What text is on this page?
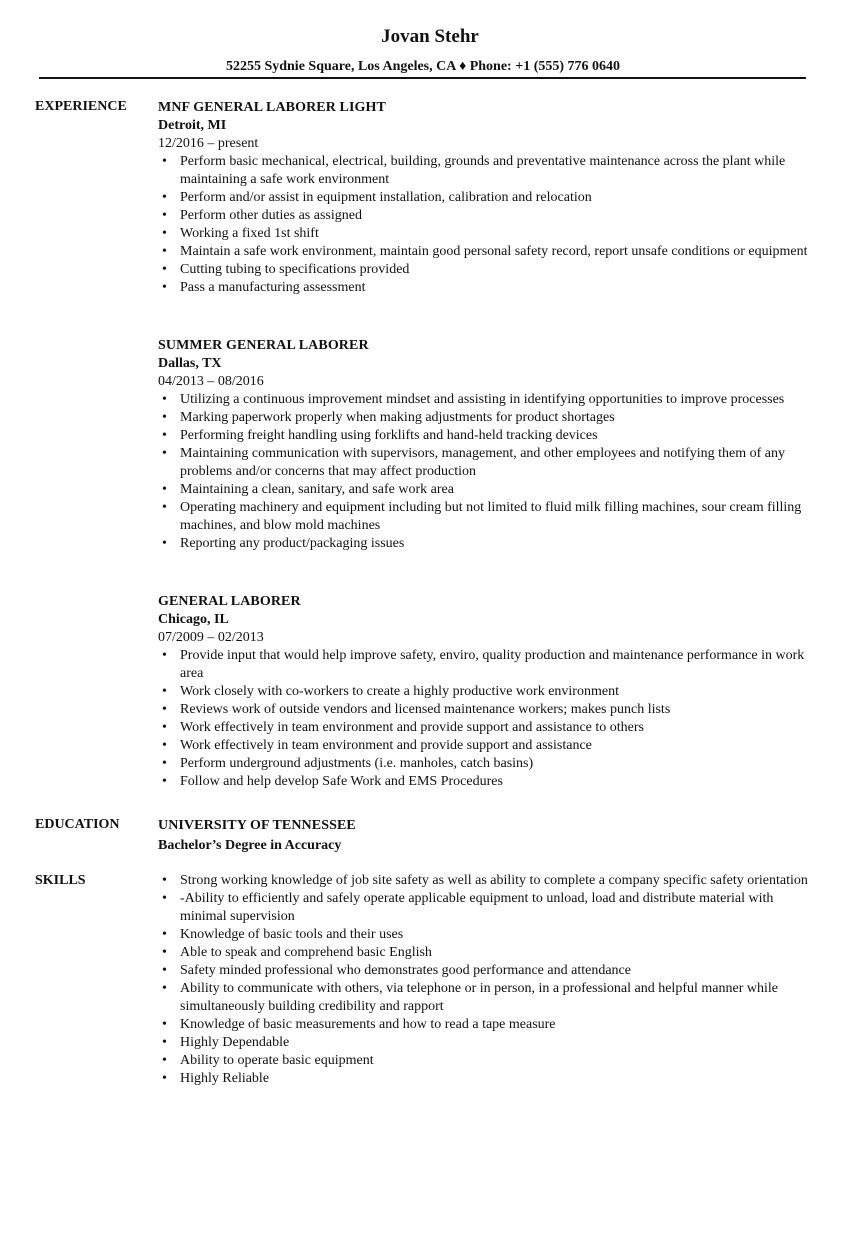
Jovan Stehr
52255 Sydnie Square, Los Angeles, CA ♦ Phone: +1 (555) 776 0640
EXPERIENCE MNF GENERAL LABORER LIGHT
Detroit, MI
12/2016 – present
• Perform basic mechanical, electrical, building, grounds and preventative maintenance across the plant while maintaining a safe work environment
• Perform and/or assist in equipment installation, calibration and relocation
• Perform other duties as assigned
• Working a fixed 1st shift
• Maintain a safe work environment, maintain good personal safety record, report unsafe conditions or equipment
• Cutting tubing to specifications provided
• Pass a manufacturing assessment
SUMMER GENERAL LABORER
Dallas, TX
04/2013 – 08/2016
• Utilizing a continuous improvement mindset and assisting in identifying opportunities to improve processes
• Marking paperwork properly when making adjustments for product shortages
• Performing freight handling using forklifts and hand-held tracking devices
• Maintaining communication with supervisors, management, and other employees and notifying them of any problems and/or concerns that may affect production
• Maintaining a clean, sanitary, and safe work area
• Operating machinery and equipment including but not limited to fluid milk filling machines, sour cream filling machines, and blow mold machines
• Reporting any product/packaging issues
GENERAL LABORER
Chicago, IL
07/2009 – 02/2013
• Provide input that would help improve safety, enviro, quality production and maintenance performance in work area
• Work closely with co-workers to create a highly productive work environment
• Reviews work of outside vendors and licensed maintenance workers; makes punch lists
• Work effectively in team environment and provide support and assistance to others
• Work effectively in team environment and provide support and assistance
• Perform underground adjustments (i.e. manholes, catch basins)
• Follow and help develop Safe Work and EMS Procedures
EDUCATION	UNIVERSITY OF TENNESSEE
Bachelor’s Degree in Accuracy
SKILLS	• Strong working knowledge of job site safety as well as ability to complete a company specific safety orientation
• -Ability to efficiently and safely operate applicable equipment to unload, load and distribute material with minimal supervision
• Knowledge of basic tools and their uses
• Able to speak and comprehend basic English
• Safety minded professional who demonstrates good performance and attendance
• Ability to communicate with others, via telephone or in person, in a professional and helpful manner while simultaneously building credibility and rapport
• Knowledge of basic measurements and how to read a tape measure
• Highly Dependable
• Ability to operate basic equipment
• Highly Reliable
